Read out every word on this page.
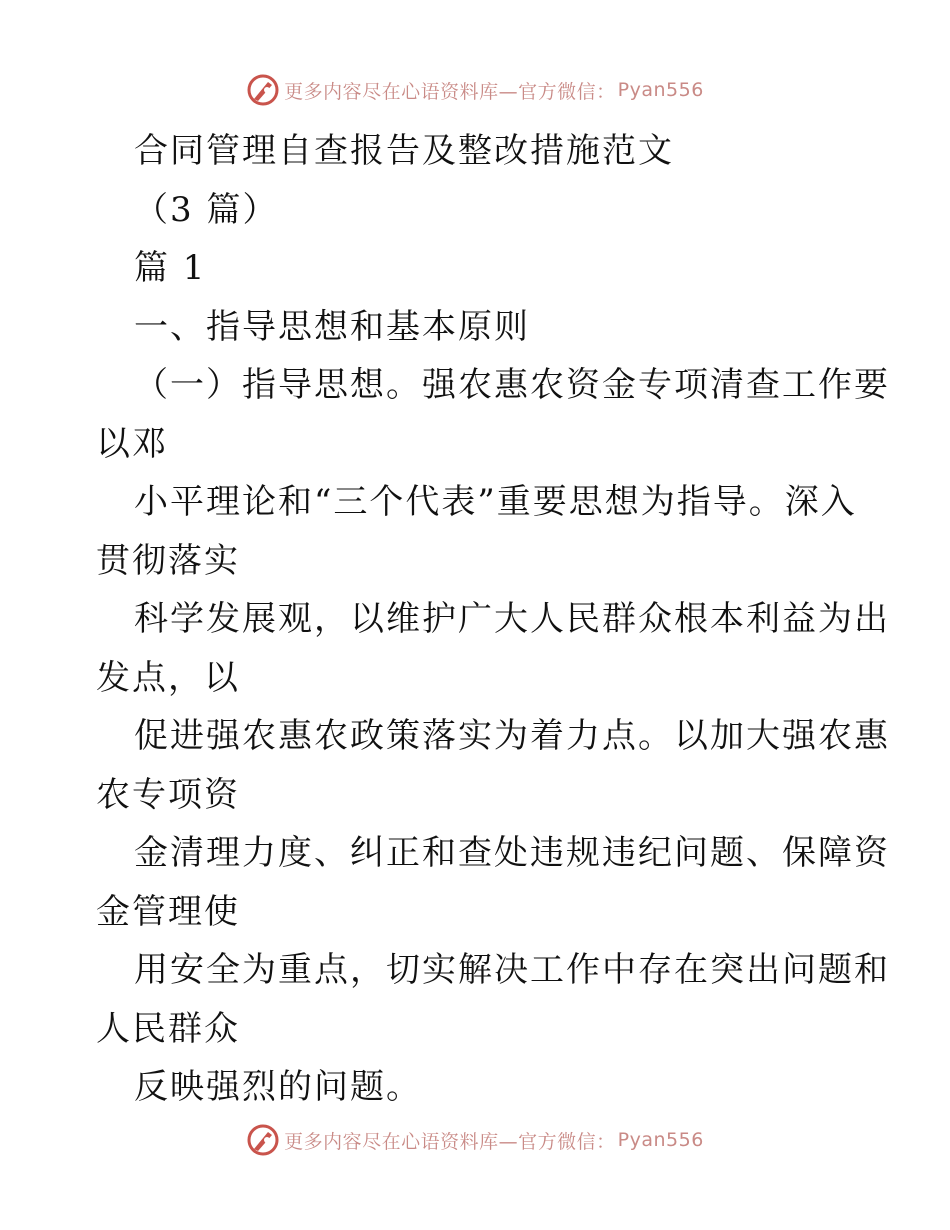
更多内容尽在心语资料库—官方微信： Pyan556
合同管理自查报告及整改措施范文
（3 篇）
篇 1
一、指导思想和基本原则
（一）指导思想。强农惠农资金专项清查工作要
以邓
小平理论和“三个代表”重要思想为指导。深入
贯彻落实
科学发展观，以维护广大人民群众根本利益为出
发点，以
促进强农惠农政策落实为着力点。以加大强农惠
农专项资
金清理力度、纠正和查处违规违纪问题、保障资
金管理使
用安全为重点，切实解决工作中存在突出问题和
人民群众
反映强烈的问题。
更多内容尽在心语资料库—官方微信： Pyan556
